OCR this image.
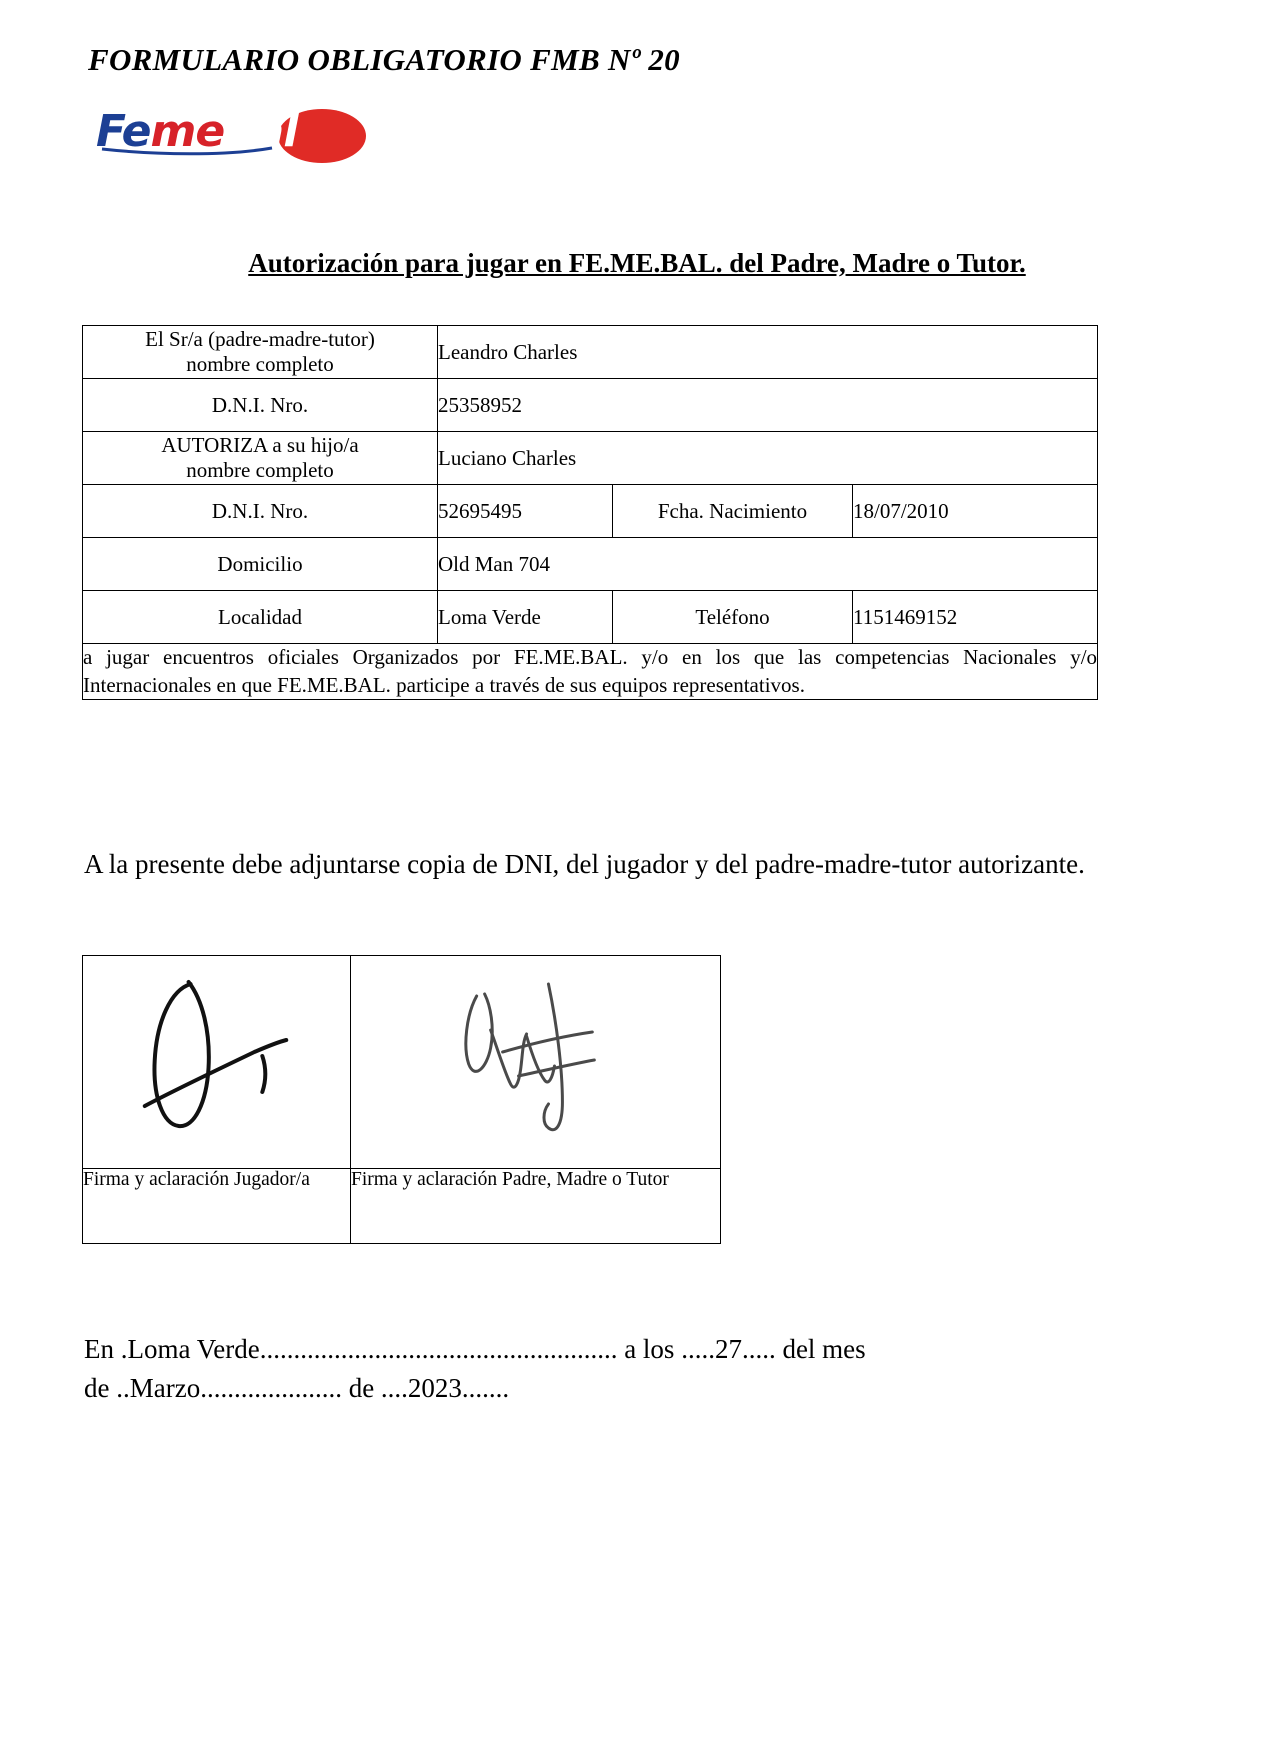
FORMULARIO OBLIGATORIO FMB Nº 20
Femebal
Autorización para jugar en FE.ME.BAL. del Padre, Madre o Tutor.
El Sr/a (padre-madre-tutor)
nombre completo	Leandro Charles		
D.N.I. Nro.	25358952		

AUTORIZA a su hijo/a
nombre completo	Luciano Charles		
D.N.I. Nro.	52695495	Fcha. Nacimiento	18/07/2010
Domicilio	Old Man 704		
Localidad	Loma Verde	Teléfono	1151469152
a jugar encuentros oficiales Organizados por FE.ME.BAL. y/o en los que las competencias Nacionales y/o Internacionales en que FE.ME.BAL. participe a través de sus equipos representativos.			
A la presente debe adjuntarse copia de DNI, del jugador y del padre-madre-tutor autorizante.

Firma y aclaración Jugador/a	Firma y aclaración Padre, Madre o Tutor
En .Loma Verde..................................................... a los .....27..... del mes
de ..Marzo..................... de ....2023.......
